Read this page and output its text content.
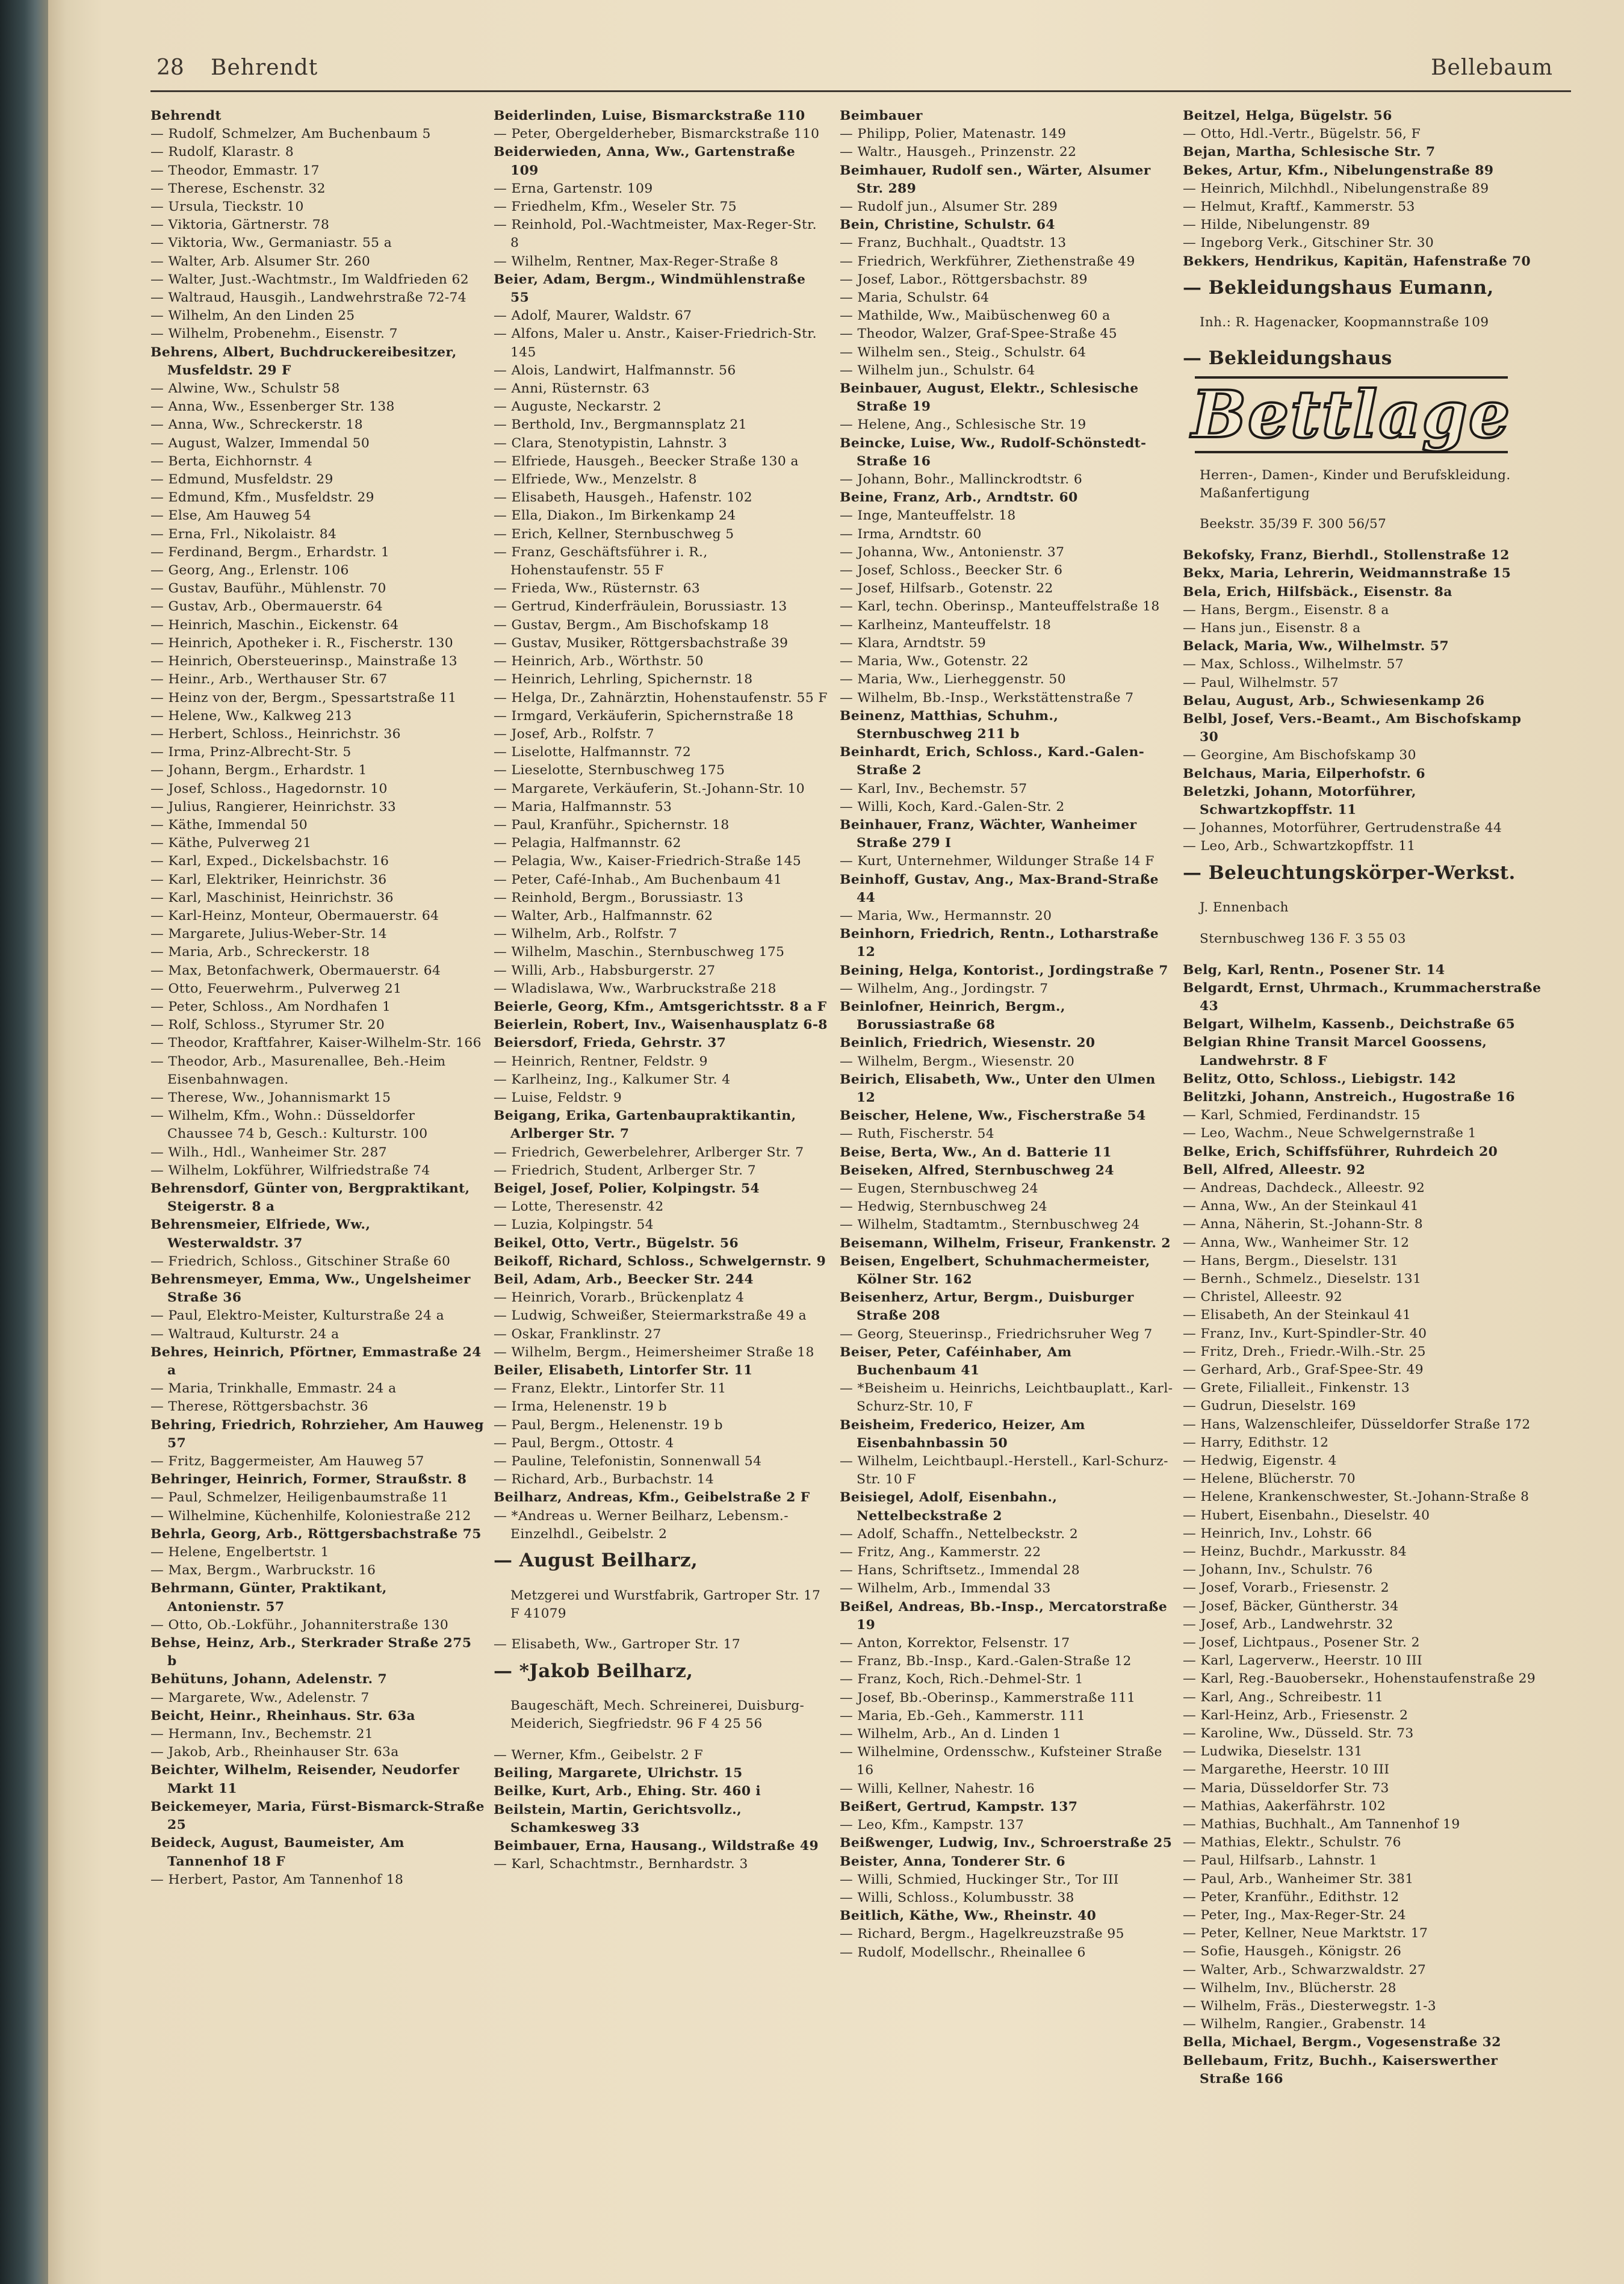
28 Behrendt	Bellebaum

Behrendt

— Rudolf, Schmelzer, Am Buchenbaum 5

— Rudolf, Klarastr. 8

— Theodor, Emmastr. 17

— Therese, Eschenstr. 32

— Ursula, Tieckstr. 10

— Viktoria, Gärtnerstr. 78

— Viktoria, Ww., Germaniastr. 55 a

— Walter, Arb. Alsumer Str. 260

— Walter, Just.-Wachtmstr., Im Waldfrieden 62

— Waltraud, Hausgih., Landwehrstraße 72-74

— Wilhelm, An den Linden 25

— Wilhelm, Probenehm., Eisenstr. 7

Behrens, Albert, Buchdruckereibesitzer, Musfeldstr. 29 F

— Alwine, Ww., Schulstr 58

— Anna, Ww., Essenberger Str. 138

— Anna, Ww., Schreckerstr. 18

— August, Walzer, Immendal 50

— Berta, Eichhornstr. 4

— Edmund, Musfeldstr. 29

— Edmund, Kfm., Musfeldstr. 29

— Else, Am Hauweg 54

— Erna, Frl., Nikolaistr. 84

— Ferdinand, Bergm., Erhardstr. 1

— Georg, Ang., Erlenstr. 106

— Gustav, Bauführ., Mühlenstr. 70

— Gustav, Arb., Obermauerstr. 64

— Heinrich, Maschin., Eickenstr. 64

— Heinrich, Apotheker i. R., Fischerstr. 130

— Heinrich, Obersteuerinsp., Mainstraße 13

— Heinr., Arb., Werthauser Str. 67

— Heinz von der, Bergm., Spessartstraße 11

— Helene, Ww., Kalkweg 213

— Herbert, Schloss., Heinrichstr. 36

— Irma, Prinz-Albrecht-Str. 5

— Johann, Bergm., Erhardstr. 1

— Josef, Schloss., Hagedornstr. 10

— Julius, Rangierer, Heinrichstr. 33

— Käthe, Immendal 50

— Käthe, Pulverweg 21

— Karl, Exped., Dickelsbachstr. 16

— Karl, Elektriker, Heinrichstr. 36

— Karl, Maschinist, Heinrichstr. 36

— Karl-Heinz, Monteur, Obermauerstr. 64

— Margarete, Julius-Weber-Str. 14

— Maria, Arb., Schreckerstr. 18

— Max, Betonfachwerk, Obermauerstr. 64

— Otto, Feuerwehrm., Pulverweg 21

— Peter, Schloss., Am Nordhafen 1

— Rolf, Schloss., Styrumer Str. 20

— Theodor, Kraftfahrer, Kaiser-Wilhelm-Str. 166

— Theodor, Arb., Masurenallee, Beh.-Heim Eisenbahnwagen.

— Therese, Ww., Johannismarkt 15

— Wilhelm, Kfm., Wohn.: Düsseldorfer Chaussee 74 b, Gesch.: Kulturstr. 100

— Wilh., Hdl., Wanheimer Str. 287

— Wilhelm, Lokführer, Wilfriedstraße 74

Behrensdorf, Günter von, Bergpraktikant, Steigerstr. 8 a

Behrensmeier, Elfriede, Ww., Westerwaldstr. 37

— Friedrich, Schloss., Gitschiner Straße 60

Behrensmeyer, Emma, Ww., Ungelsheimer Straße 36

— Paul, Elektro-Meister, Kulturstraße 24 a

— Waltraud, Kulturstr. 24 a

Behres, Heinrich, Pförtner, Emmastraße 24 a

— Maria, Trinkhalle, Emmastr. 24 a

— Therese, Röttgersbachstr. 36

Behring, Friedrich, Rohrzieher, Am Hauweg 57

— Fritz, Baggermeister, Am Hauweg 57

Behringer, Heinrich, Former, Straußstr. 8

— Paul, Schmelzer, Heiligenbaumstraße 11

— Wilhelmine, Küchenhilfe, Koloniestraße 212

Behrla, Georg, Arb., Röttgersbachstraße 75

— Helene, Engelbertstr. 1

— Max, Bergm., Warbruckstr. 16

Behrmann, Günter, Praktikant, Antonienstr. 57

— Otto, Ob.-Lokführ., Johanniterstraße 130

Behse, Heinz, Arb., Sterkrader Straße 275 b

Behütuns, Johann, Adelenstr. 7

— Margarete, Ww., Adelenstr. 7

Beicht, Heinr., Rheinhaus. Str. 63a

— Hermann, Inv., Bechemstr. 21

— Jakob, Arb., Rheinhauser Str. 63a

Beichter, Wilhelm, Reisender, Neudorfer Markt 11

Beickemeyer, Maria, Fürst-Bismarck-Straße 25

Beideck, August, Baumeister, Am Tannenhof 18 F

— Herbert, Pastor, Am Tannenhof 18

Beiderlinden, Luise, Bismarckstraße 110

— Peter, Obergelderheber, Bismarckstraße 110

Beiderwieden, Anna, Ww., Gartenstraße 109

— Erna, Gartenstr. 109

— Friedhelm, Kfm., Weseler Str. 75

— Reinhold, Pol.-Wachtmeister, Max-Reger-Str. 8

— Wilhelm, Rentner, Max-Reger-Straße 8

Beier, Adam, Bergm., Windmühlenstraße 55

— Adolf, Maurer, Waldstr. 67

— Alfons, Maler u. Anstr., Kaiser-Friedrich-Str. 145

— Alois, Landwirt, Halfmannstr. 56

— Anni, Rüsternstr. 63

— Auguste, Neckarstr. 2

— Berthold, Inv., Bergmannsplatz 21

— Clara, Stenotypistin, Lahnstr. 3

— Elfriede, Hausgeh., Beecker Straße 130 a

— Elfriede, Ww., Menzelstr. 8

— Elisabeth, Hausgeh., Hafenstr. 102

— Ella, Diakon., Im Birkenkamp 24

— Erich, Kellner, Sternbuschweg 5

— Franz, Geschäftsführer i. R., Hohenstaufenstr. 55 F

— Frieda, Ww., Rüsternstr. 63

— Gertrud, Kinderfräulein, Borussiastr. 13

— Gustav, Bergm., Am Bischofskamp 18

— Gustav, Musiker, Röttgersbachstraße 39

— Heinrich, Arb., Wörthstr. 50

— Heinrich, Lehrling, Spichernstr. 18

— Helga, Dr., Zahnärztin, Hohenstaufenstr. 55 F

— Irmgard, Verkäuferin, Spichernstraße 18

— Josef, Arb., Rolfstr. 7

— Liselotte, Halfmannstr. 72

— Lieselotte, Sternbuschweg 175

— Margarete, Verkäuferin, St.-Johann-Str. 10

— Maria, Halfmannstr. 53

— Paul, Kranführ., Spichernstr. 18

— Pelagia, Halfmannstr. 62

— Pelagia, Ww., Kaiser-Friedrich-Straße 145

— Peter, Café-Inhab., Am Buchenbaum 41

— Reinhold, Bergm., Borussiastr. 13

— Walter, Arb., Halfmannstr. 62

— Wilhelm, Arb., Rolfstr. 7

— Wilhelm, Maschin., Sternbuschweg 175

— Willi, Arb., Habsburgerstr. 27

— Wladislawa, Ww., Warbruckstraße 218

Beierle, Georg, Kfm., Amtsgerichtsstr. 8 a F

Beierlein, Robert, Inv., Waisenhausplatz 6-8

Beiersdorf, Frieda, Gehrstr. 37

— Heinrich, Rentner, Feldstr. 9

— Karlheinz, Ing., Kalkumer Str. 4

— Luise, Feldstr. 9

Beigang, Erika, Gartenbaupraktikantin, Arlberger Str. 7

— Friedrich, Gewerbelehrer, Arlberger Str. 7

— Friedrich, Student, Arlberger Str. 7

Beigel, Josef, Polier, Kolpingstr. 54

— Lotte, Theresenstr. 42

— Luzia, Kolpingstr. 54

Beikel, Otto, Vertr., Bügelstr. 56

Beikoff, Richard, Schloss., Schwelgernstr. 9

Beil, Adam, Arb., Beecker Str. 244

— Heinrich, Vorarb., Brückenplatz 4

— Ludwig, Schweißer, Steiermarkstraße 49 a

— Oskar, Franklinstr. 27

— Wilhelm, Bergm., Heimersheimer Straße 18

Beiler, Elisabeth, Lintorfer Str. 11

— Franz, Elektr., Lintorfer Str. 11

— Irma, Helenenstr. 19 b

— Paul, Bergm., Helenenstr. 19 b

— Paul, Bergm., Ottostr. 4

— Pauline, Telefonistin, Sonnenwall 54

— Richard, Arb., Burbachstr. 14

Beilharz, Andreas, Kfm., Geibelstraße 2 F

— *Andreas u. Werner Beilharz, Lebensm.-Einzelhdl., Geibelstr. 2

— August Beilharz,

Metzgerei und Wurstfabrik, Gartroper Str. 17 F 41079

— Elisabeth, Ww., Gartroper Str. 17

— *Jakob Beilharz,

Baugeschäft, Mech. Schreinerei, Duisburg-Meiderich, Siegfriedstr. 96 F 4 25 56

— Werner, Kfm., Geibelstr. 2 F

Beiling, Margarete, Ulrichstr. 15

Beilke, Kurt, Arb., Ehing. Str. 460 i

Beilstein, Martin, Gerichtsvollz., Schamkesweg 33

Beimbauer, Erna, Hausang., Wildstraße 49

— Karl, Schachtmstr., Bernhardstr. 3

Beimbauer

— Philipp, Polier, Matenastr. 149

— Waltr., Hausgeh., Prinzenstr. 22

Beimhauer, Rudolf sen., Wärter, Alsumer Str. 289

— Rudolf jun., Alsumer Str. 289

Bein, Christine, Schulstr. 64

— Franz, Buchhalt., Quadtstr. 13

— Friedrich, Werkführer, Ziethenstraße 49

— Josef, Labor., Röttgersbachstr. 89

— Maria, Schulstr. 64

— Mathilde, Ww., Maibüschenweg 60 a

— Theodor, Walzer, Graf-Spee-Straße 45

— Wilhelm sen., Steig., Schulstr. 64

— Wilhelm jun., Schulstr. 64

Beinbauer, August, Elektr., Schlesische Straße 19

— Helene, Ang., Schlesische Str. 19

Beincke, Luise, Ww., Rudolf-Schönstedt-Straße 16

— Johann, Bohr., Mallinckrodtstr. 6

Beine, Franz, Arb., Arndtstr. 60

— Inge, Manteuffelstr. 18

— Irma, Arndtstr. 60

— Johanna, Ww., Antonienstr. 37

— Josef, Schloss., Beecker Str. 6

— Josef, Hilfsarb., Gotenstr. 22

— Karl, techn. Oberinsp., Manteuffelstraße 18

— Karlheinz, Manteuffelstr. 18

— Klara, Arndtstr. 59

— Maria, Ww., Gotenstr. 22

— Maria, Ww., Lierheggenstr. 50

— Wilhelm, Bb.-Insp., Werkstättenstraße 7

Beinenz, Matthias, Schuhm., Sternbuschweg 211 b

Beinhardt, Erich, Schloss., Kard.-Galen-Straße 2

— Karl, Inv., Bechemstr. 57

— Willi, Koch, Kard.-Galen-Str. 2

Beinhauer, Franz, Wächter, Wanheimer Straße 279 I

— Kurt, Unternehmer, Wildunger Straße 14 F

Beinhoff, Gustav, Ang., Max-Brand-Straße 44

— Maria, Ww., Hermannstr. 20

Beinhorn, Friedrich, Rentn., Lotharstraße 12

Beining, Helga, Kontorist., Jordingstraße 7

— Wilhelm, Ang., Jordingstr. 7

Beinlofner, Heinrich, Bergm., Borussiastraße 68

Beinlich, Friedrich, Wiesenstr. 20

— Wilhelm, Bergm., Wiesenstr. 20

Beirich, Elisabeth, Ww., Unter den Ulmen 12

Beischer, Helene, Ww., Fischerstraße 54

— Ruth, Fischerstr. 54

Beise, Berta, Ww., An d. Batterie 11

Beiseken, Alfred, Sternbuschweg 24

— Eugen, Sternbuschweg 24

— Hedwig, Sternbuschweg 24

— Wilhelm, Stadtamtm., Sternbuschweg 24

Beisemann, Wilhelm, Friseur, Frankenstr. 2

Beisen, Engelbert, Schuhmachermeister, Kölner Str. 162

Beisenherz, Artur, Bergm., Duisburger Straße 208

— Georg, Steuerinsp., Friedrichsruher Weg 7

Beiser, Peter, Caféinhaber, Am Buchenbaum 41

— *Beisheim u. Heinrichs, Leichtbauplatt., Karl-Schurz-Str. 10, F

Beisheim, Frederico, Heizer, Am Eisenbahnbassin 50

— Wilhelm, Leichtbaupl.-Herstell., Karl-Schurz-Str. 10 F

Beisiegel, Adolf, Eisenbahn., Nettelbeckstraße 2

— Adolf, Schaffn., Nettelbeckstr. 2

— Fritz, Ang., Kammerstr. 22

— Hans, Schriftsetz., Immendal 28

— Wilhelm, Arb., Immendal 33

Beißel, Andreas, Bb.-Insp., Mercatorstraße 19

— Anton, Korrektor, Felsenstr. 17

— Franz, Bb.-Insp., Kard.-Galen-Straße 12

— Franz, Koch, Rich.-Dehmel-Str. 1

— Josef, Bb.-Oberinsp., Kammerstraße 111

— Maria, Eb.-Geh., Kammerstr. 111

— Wilhelm, Arb., An d. Linden 1

— Wilhelmine, Ordensschw., Kufsteiner Straße 16

— Willi, Kellner, Nahestr. 16

Beißert, Gertrud, Kampstr. 137

— Leo, Kfm., Kampstr. 137

Beißwenger, Ludwig, Inv., Schroerstraße 25

Beister, Anna, Tonderer Str. 6

— Willi, Schmied, Huckinger Str., Tor III

— Willi, Schloss., Kolumbusstr. 38

Beitlich, Käthe, Ww., Rheinstr. 40

— Richard, Bergm., Hagelkreuzstraße 95

— Rudolf, Modellschr., Rheinallee 6

Beitzel, Helga, Bügelstr. 56

— Otto, Hdl.-Vertr., Bügelstr. 56, F

Bejan, Martha, Schlesische Str. 7

Bekes, Artur, Kfm., Nibelungenstraße 89

— Heinrich, Milchhdl., Nibelungenstraße 89

— Helmut, Kraftf., Kammerstr. 53

— Hilde, Nibelungenstr. 89

— Ingeborg Verk., Gitschiner Str. 30

Bekkers, Hendrikus, Kapitän, Hafenstraße 70

— Bekleidungshaus Eumann,

Inh.: R. Hagenacker, Koopmannstraße 109

— Bekleidungshaus

Bettlage

Herren-, Damen-, Kinder und Berufskleidung. Maßanfertigung

Beekstr. 35/39 F. 300 56/57

Bekofsky, Franz, Bierhdl., Stollenstraße 12

Bekx, Maria, Lehrerin, Weidmannstraße 15

Bela, Erich, Hilfsbäck., Eisenstr. 8a

— Hans, Bergm., Eisenstr. 8 a

— Hans jun., Eisenstr. 8 a

Belack, Maria, Ww., Wilhelmstr. 57

— Max, Schloss., Wilhelmstr. 57

— Paul, Wilhelmstr. 57

Belau, August, Arb., Schwiesenkamp 26

Belbl, Josef, Vers.-Beamt., Am Bischofskamp 30

— Georgine, Am Bischofskamp 30

Belchaus, Maria, Eilperhofstr. 6

Beletzki, Johann, Motorführer, Schwartzkopffstr. 11

— Johannes, Motorführer, Gertrudenstraße 44

— Leo, Arb., Schwartzkopffstr. 11

— Beleuchtungskörper-Werkst.

J. Ennenbach

Sternbuschweg 136 F. 3 55 03

Belg, Karl, Rentn., Posener Str. 14

Belgardt, Ernst, Uhrmach., Krummacherstraße 43

Belgart, Wilhelm, Kassenb., Deichstraße 65

Belgian Rhine Transit Marcel Goossens, Landwehrstr. 8 F

Belitz, Otto, Schloss., Liebigstr. 142

Belitzki, Johann, Anstreich., Hugostraße 16

— Karl, Schmied, Ferdinandstr. 15

— Leo, Wachm., Neue Schwelgernstraße 1

Belke, Erich, Schiffsführer, Ruhrdeich 20

Bell, Alfred, Alleestr. 92

— Andreas, Dachdeck., Alleestr. 92

— Anna, Ww., An der Steinkaul 41

— Anna, Näherin, St.-Johann-Str. 8

— Anna, Ww., Wanheimer Str. 12

— Hans, Bergm., Dieselstr. 131

— Bernh., Schmelz., Dieselstr. 131

— Christel, Alleestr. 92

— Elisabeth, An der Steinkaul 41

— Franz, Inv., Kurt-Spindler-Str. 40

— Fritz, Dreh., Friedr.-Wilh.-Str. 25

— Gerhard, Arb., Graf-Spee-Str. 49

— Grete, Filialleit., Finkenstr. 13

— Gudrun, Dieselstr. 169

— Hans, Walzenschleifer, Düsseldorfer Straße 172

— Harry, Edithstr. 12

— Hedwig, Eigenstr. 4

— Helene, Blücherstr. 70

— Helene, Krankenschwester, St.-Johann-Straße 8

— Hubert, Eisenbahn., Dieselstr. 40

— Heinrich, Inv., Lohstr. 66

— Heinz, Buchdr., Markusstr. 84

— Johann, Inv., Schulstr. 76

— Josef, Vorarb., Friesenstr. 2

— Josef, Bäcker, Güntherstr. 34

— Josef, Arb., Landwehrstr. 32

— Josef, Lichtpaus., Posener Str. 2

— Karl, Lagerverw., Heerstr. 10 III

— Karl, Reg.-Bauobersekr., Hohenstaufenstraße 29

— Karl, Ang., Schreibestr. 11

— Karl-Heinz, Arb., Friesenstr. 2

— Karoline, Ww., Düsseld. Str. 73

— Ludwika, Dieselstr. 131

— Margarethe, Heerstr. 10 III

— Maria, Düsseldorfer Str. 73

— Mathias, Aakerfährstr. 102

— Mathias, Buchhalt., Am Tannenhof 19

— Mathias, Elektr., Schulstr. 76

— Paul, Hilfsarb., Lahnstr. 1

— Paul, Arb., Wanheimer Str. 381

— Peter, Kranführ., Edithstr. 12

— Peter, Ing., Max-Reger-Str. 24

— Peter, Kellner, Neue Marktstr. 17

— Sofie, Hausgeh., Königstr. 26

— Walter, Arb., Schwarzwaldstr. 27

— Wilhelm, Inv., Blücherstr. 28

— Wilhelm, Fräs., Diesterwegstr. 1-3

— Wilhelm, Rangier., Grabenstr. 14

Bella, Michael, Bergm., Vogesenstraße 32

Bellebaum, Fritz, Buchh., Kaiserswerther Straße 166
